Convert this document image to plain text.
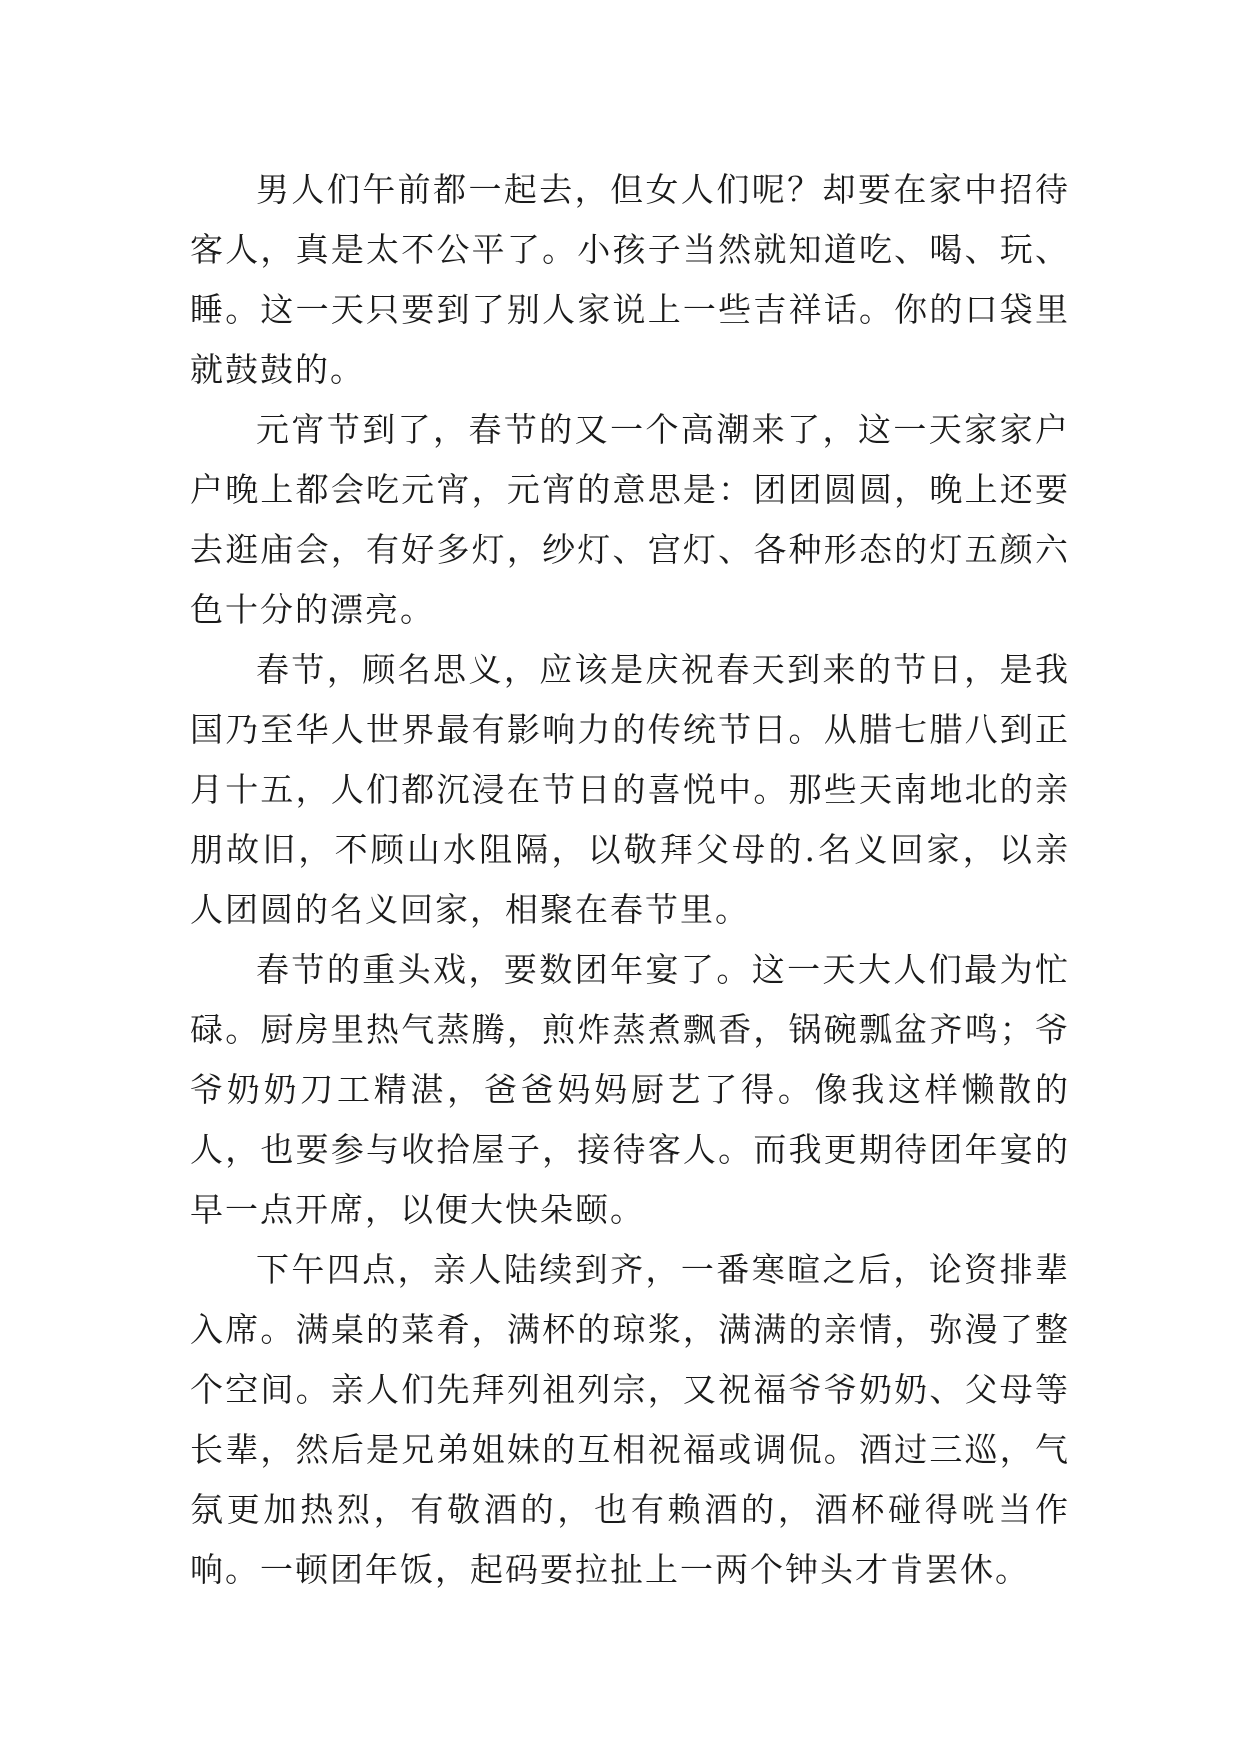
男人们午前都一起去，但女人们呢？却要在家中招待客人，真是太不公平了。小孩子当然就知道吃、喝、玩、睡。这一天只要到了别人家说上一些吉祥话。你的口袋里就鼓鼓的。

元宵节到了，春节的又一个高潮来了，这一天家家户户晚上都会吃元宵，元宵的意思是：团团圆圆，晚上还要去逛庙会，有好多灯，纱灯、宫灯、各种形态的灯五颜六色十分的漂亮。

春节，顾名思义，应该是庆祝春天到来的节日，是我国乃至华人世界最有影响力的传统节日。从腊七腊八到正月十五，人们都沉浸在节日的喜悦中。那些天南地北的亲朋故旧，不顾山水阻隔，以敬拜父母的.名义回家，以亲人团圆的名义回家，相聚在春节里。

春节的重头戏，要数团年宴了。这一天大人们最为忙碌。厨房里热气蒸腾，煎炸蒸煮飘香，锅碗瓢盆齐鸣；爷爷奶奶刀工精湛，爸爸妈妈厨艺了得。像我这样懒散的人，也要参与收拾屋子，接待客人。而我更期待团年宴的早一点开席，以便大快朵颐。

下午四点，亲人陆续到齐，一番寒暄之后，论资排辈入席。满桌的菜肴，满杯的琼浆，满满的亲情，弥漫了整个空间。亲人们先拜列祖列宗，又祝福爷爷奶奶、父母等长辈，然后是兄弟姐妹的互相祝福或调侃。酒过三巡，气氛更加热烈，有敬酒的，也有赖酒的，酒杯碰得咣当作响。一顿团年饭，起码要拉扯上一两个钟头才肯罢休。
